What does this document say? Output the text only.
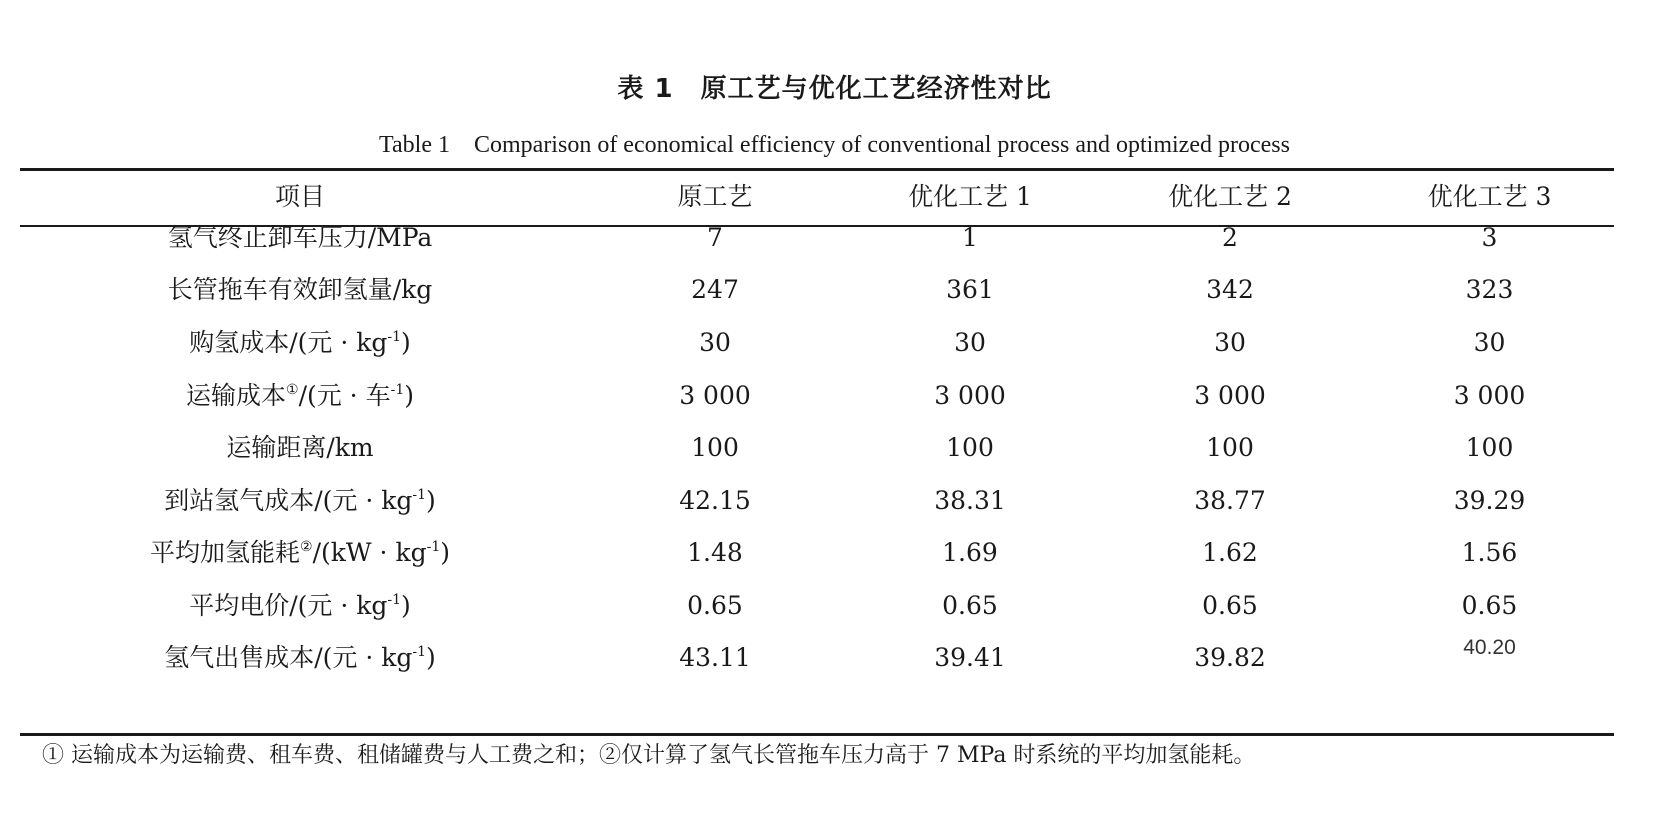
表 1　原工艺与优化工艺经济性对比
Table 1　Comparison of economical efficiency of conventional process and optimized process
项目	原工艺	优化工艺 1	优化工艺 2	优化工艺 3
氢气终止卸车压力/MPa	7	1	2	3
长管拖车有效卸氢量/kg	247	361	342	323
购氢成本/(元 · $kg^{-1}$)	30	30	30	30
运输成本①/(元 · 车$^{-1}$)	3 000	3 000	3 000	3 000
运输距离/km	100	100	100	100
到站氢气成本/(元 · $kg^{-1}$)	42.15	38.31	38.77	39.29
平均加氢能耗$^②/(kW \cdot kg^{-1})$	1.48	1.69	1.62	1.56
平均电价/(元 · $kg^{-1}$)	0.65	0.65	0.65	0.65
氢气出售成本/(元 · $kg^{-1}$)	43.11	39.41	39.82	$^{40.20}$
① 运输成本为运输费、租车费、租储罐费与人工费之和；②仅计算了氢气长管拖车压力高于 7 MPa 时系统的平均加氢能耗。
